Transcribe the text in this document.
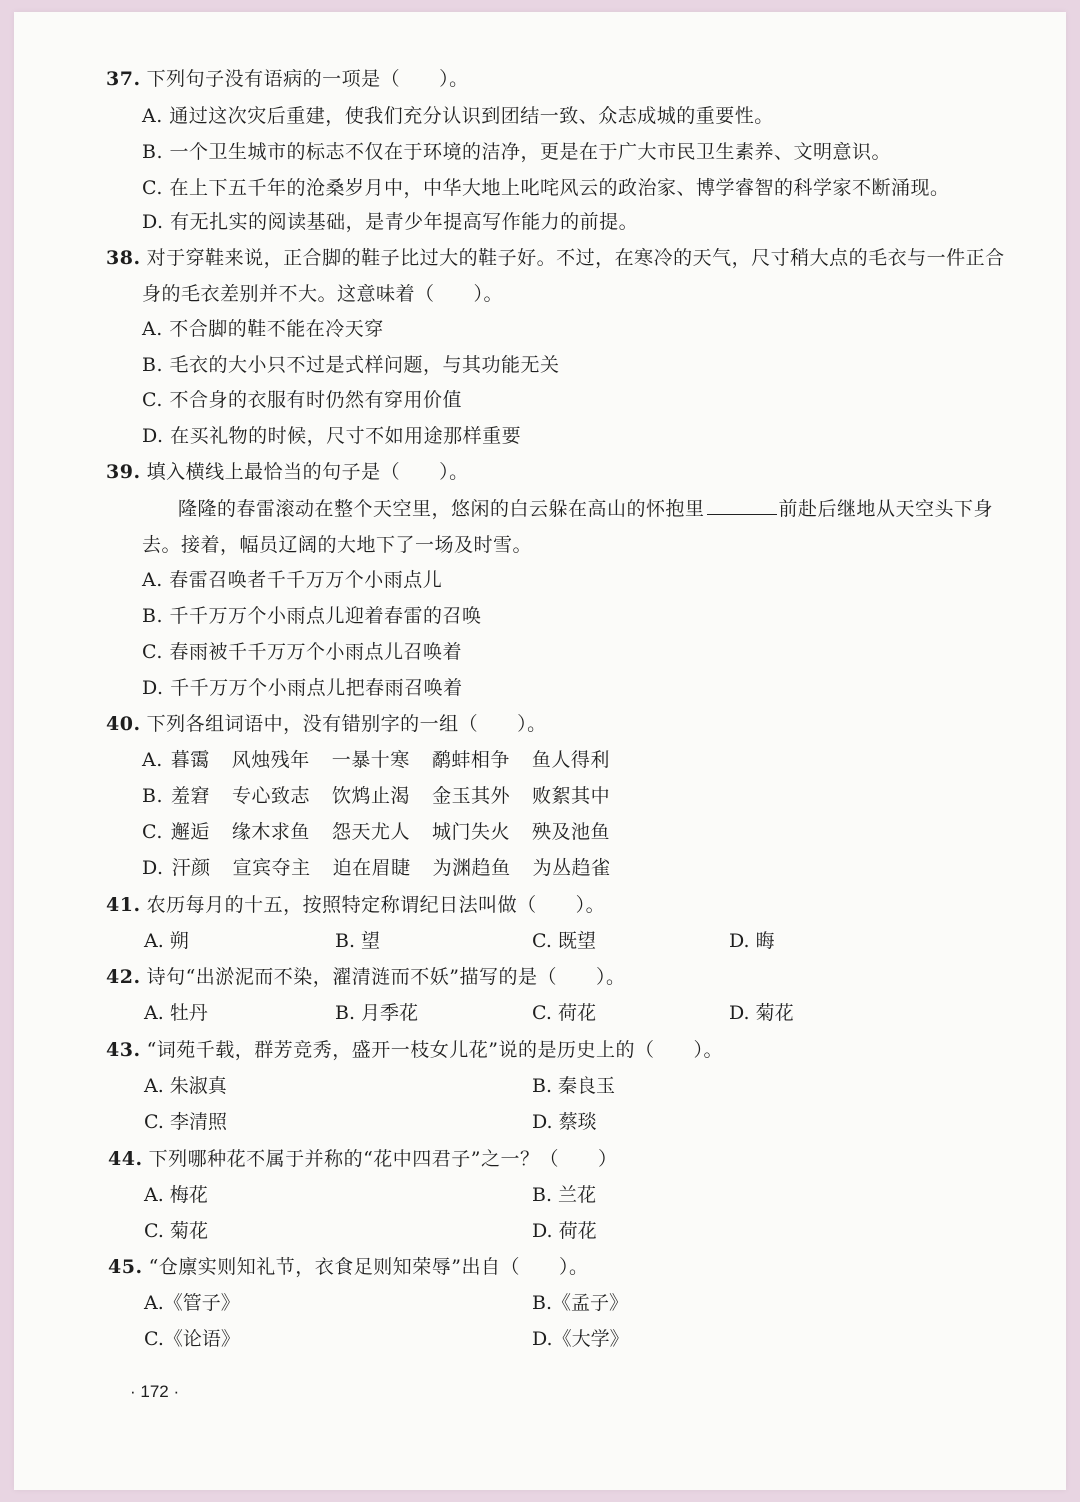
37. 下列句子没有语病的一项是（　　）。
A. 通过这次灾后重建，使我们充分认识到团结一致、众志成城的重要性。
B. 一个卫生城市的标志不仅在于环境的洁净，更是在于广大市民卫生素养、文明意识。
C. 在上下五千年的沧桑岁月中，中华大地上叱咤风云的政治家、博学睿智的科学家不断涌现。
D. 有无扎实的阅读基础，是青少年提高写作能力的前提。
38. 对于穿鞋来说，正合脚的鞋子比过大的鞋子好。不过，在寒冷的天气，尺寸稍大点的毛衣与一件正合
身的毛衣差别并不大。这意味着（　　）。
A. 不合脚的鞋不能在冷天穿
B. 毛衣的大小只不过是式样问题，与其功能无关
C. 不合身的衣服有时仍然有穿用价值
D. 在买礼物的时候，尺寸不如用途那样重要
39. 填入横线上最恰当的句子是（　　）。
隆隆的春雷滚动在整个天空里，悠闲的白云躲在高山的怀抱里	前赴后继地从天空头下身
去。接着，幅员辽阔的大地下了一场及时雪。
A. 春雷召唤者千千万万个小雨点儿
B. 千千万万个小雨点儿迎着春雷的召唤
C. 春雨被千千万万个小雨点儿召唤着
D. 千千万万个小雨点儿把春雨召唤着
40. 下列各组词语中，没有错别字的一组（　　）。
A. 暮霭 风烛残年 一暴十寒 鹬蚌相争 鱼人得利
B. 羞窘 专心致志 饮鸩止渴 金玉其外 败絮其中
C. 邂逅 缘木求鱼 怨天尤人 城门失火 殃及池鱼
D. 汗颜 宣宾夺主 迫在眉睫 为渊趋鱼 为丛趋雀
41. 农历每月的十五，按照特定称谓纪日法叫做（　　）。
A. 朔	B. 望	C. 既望	D. 晦
42. 诗句“出淤泥而不染，濯清涟而不妖”描写的是（　　）。
A. 牡丹	B. 月季花	C. 荷花	D. 菊花
43. “词苑千载，群芳竞秀，盛开一枝女儿花”说的是历史上的（　　）。
A. 朱淑真	B. 秦良玉
C. 李清照	D. 蔡琰
44. 下列哪种花不属于并称的“花中四君子”之一？（　　）
A. 梅花	B. 兰花
C. 菊花	D. 荷花
45. “仓廪实则知礼节，衣食足则知荣辱”出自（　　）。
A.《管子》	B.《孟子》
C.《论语》	D.《大学》
· 172 ·
